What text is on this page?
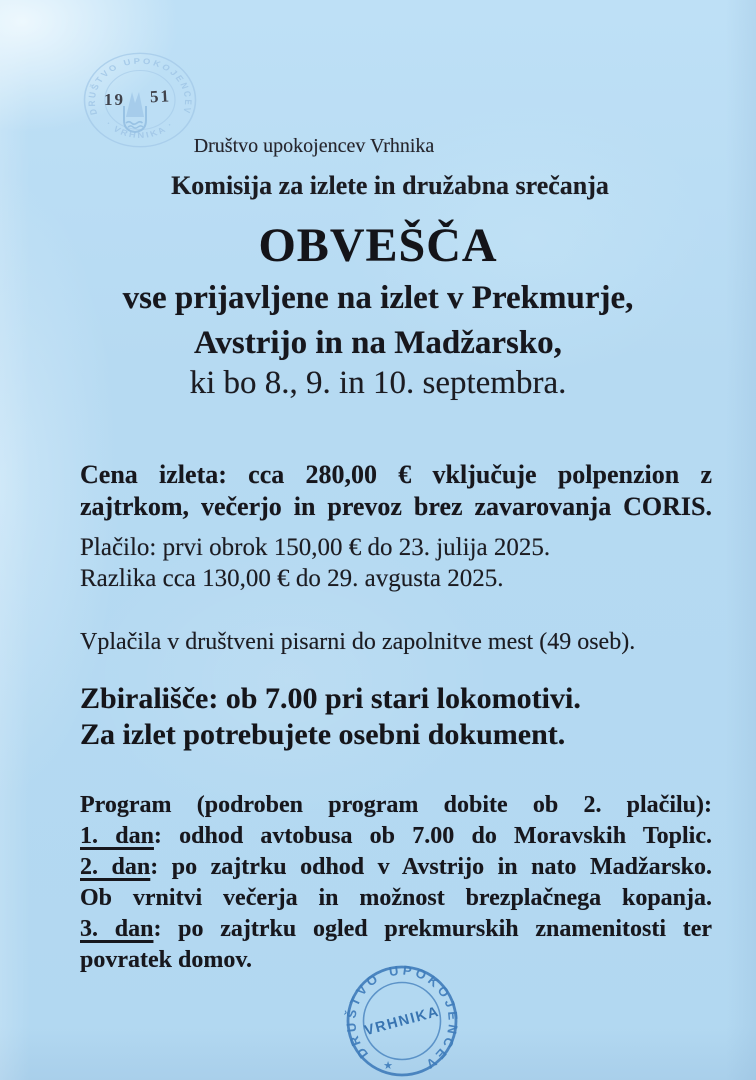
DRUŠTVO UPOKOJENCEV
· VRHNIKA ·
19 51
Društvo upokojencev Vrhnika
Komisija za izlete in družabna srečanja
OBVEŠČA
vse prijavljene na izlet v Prekmurje,
Avstrijo in na Madžarsko,
ki bo 8., 9. in 10. septembra.
Cena izleta: cca 280,00 € vključuje polpenzion z
zajtrkom, večerjo in prevoz brez zavarovanja CORIS.
Plačilo: prvi obrok 150,00 € do 23. julija 2025.
Razlika cca 130,00 € do 29. avgusta 2025.
Vplačila v društveni pisarni do zapolnitve mest (49 oseb).
Zbirališče: ob 7.00 pri stari lokomotivi.
Za izlet potrebujete osebni dokument.
Program (podroben program dobite ob 2. plačilu):
1. dan: odhod avtobusa ob 7.00 do Moravskih Toplic.
2. dan: po zajtrku odhod v Avstrijo in nato Madžarsko.
Ob vrnitvi večerja in možnost brezplačnega kopanja.
3. dan: po zajtrku ogled prekmurskih znamenitosti ter
povratek domov.
DRUŠTVO UPOKOJENCEV
★
VRHNIKA
